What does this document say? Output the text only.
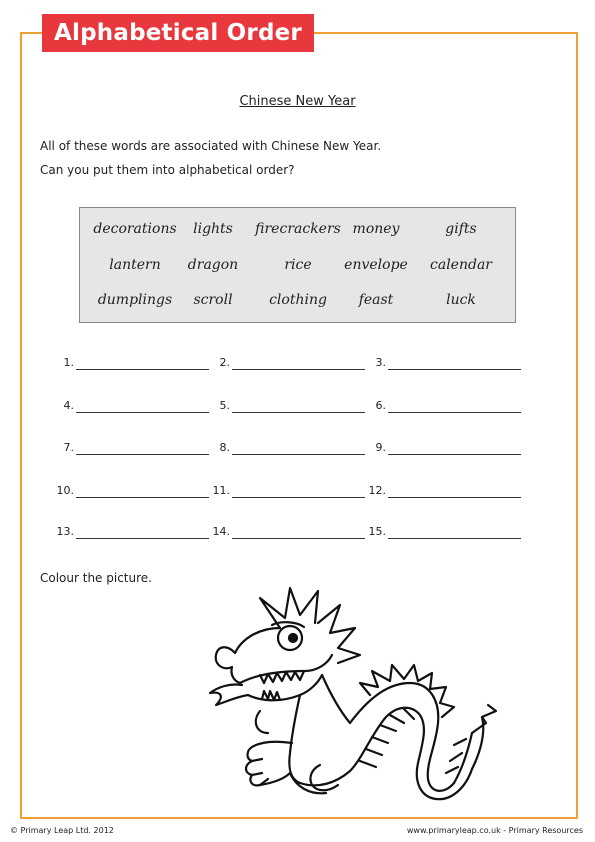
Alphabetical Order
Chinese New Year
All of these words are associated with Chinese New Year.
Can you put them into alphabetical order?
decorations lights firecrackers money	gifts
lantern dragon	rice envelope calendar
dumplings scroll	clothing feast	luck
1.	2.	3.
4.	5.	6.
7.	8.	9.
10.	11.	12.
13.	14.	15.
Colour the picture.
© Primary Leap Ltd. 2012	www.primaryleap.co.uk - Primary Resources
